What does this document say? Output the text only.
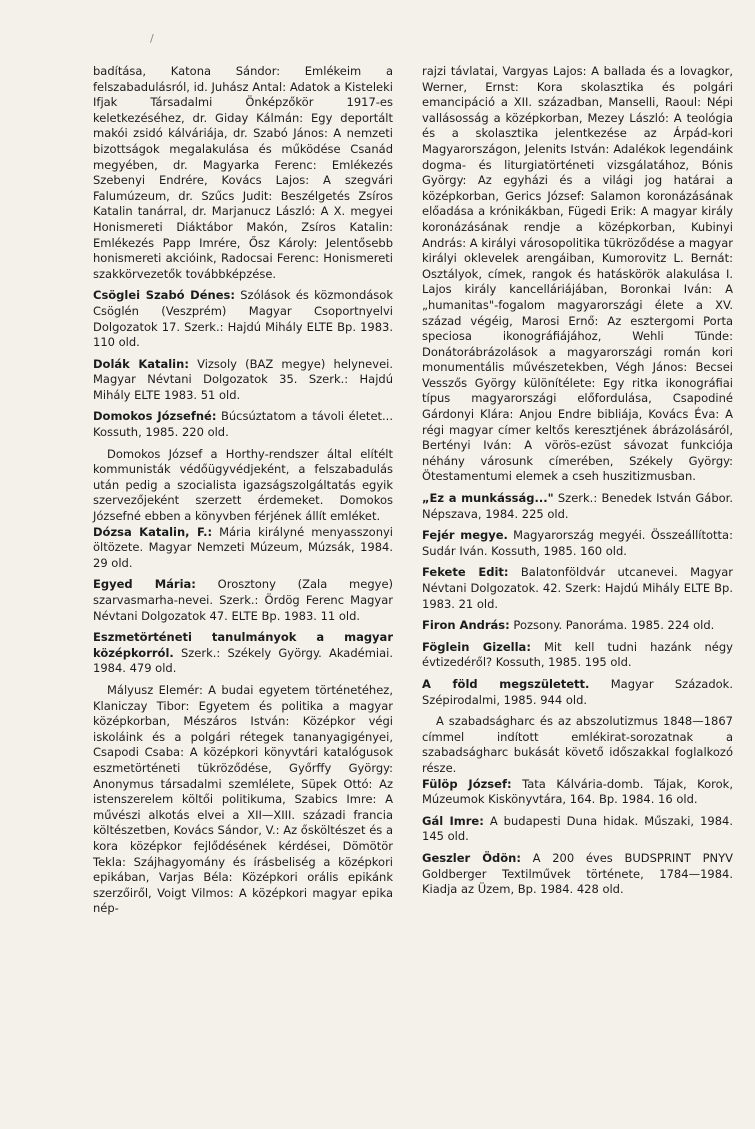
/

badítása, Katona Sándor: Emlékeim a felszabadulásról, id. Juhász Antal: Adatok a Kisteleki Ifjak Társadalmi Önképzőkör 1917-es keletkezéséhez, dr. Giday Kálmán: Egy deportált makói zsidó kálváriája, dr. Szabó János: A nemzeti bizottságok megalakulása és működése Csanád megyében, dr. Magyarka Ferenc: Emlékezés Szebenyi Endrére, Kovács Lajos: A szegvári Falumúzeum, dr. Szűcs Judit: Beszélgetés Zsíros Katalin tanárral, dr. Marjanucz László: A X. megyei Honismereti Diáktábor Makón, Zsíros Katalin: Emlékezés Papp Imrére, Ősz Károly: Jelentősebb honismereti akcióink, Radocsai Ferenc: Honismereti szakkörvezetők továbbképzése.

Csöglei Szabó Dénes: Szólások és közmondások Csöglén (Veszprém) Magyar Csoportnyelvi Dolgozatok 17. Szerk.: Hajdú Mihály ELTE Bp. 1983. 110 old.

Dolák Katalin: Vizsoly (BAZ megye) helynevei. Magyar Névtani Dolgozatok 35. Szerk.: Hajdú Mihály ELTE 1983. 51 old.

Domokos Józsefné: Búcsúztatom a távoli életet... Kossuth, 1985. 220 old.

Domokos József a Horthy-rendszer által elítélt kommunisták védőügyvédjeként, a felszabadulás után pedig a szocialista igazságszolgáltatás egyik szervezőjeként szerzett érdemeket. Domokos Józsefné ebben a könyvben férjének állít emléket.

Dózsa Katalin, F.: Mária királyné menyasszonyi öltözete. Magyar Nemzeti Múzeum, Múzsák, 1984. 29 old.

Egyed Mária: Orosztony (Zala megye) szarvasmarha-nevei. Szerk.: Ördög Ferenc Magyar Névtani Dolgozatok 47. ELTE Bp. 1983. 11 old.

Eszmetörténeti tanulmányok a magyar középkorról. Szerk.: Székely György. Akadémiai. 1984. 479 old.

Mályusz Elemér: A budai egyetem történetéhez, Klaniczay Tibor: Egyetem és politika a magyar középkorban, Mészáros István: Középkor végi iskoláink és a polgári rétegek tananyagigényei, Csapodi Csaba: A középkori könyvtári katalógusok eszmetörténeti tükröződése, Győrffy György: Anonymus társadalmi szemlélete, Süpek Ottó: Az istenszerelem költői politikuma, Szabics Imre: A művészi alkotás elvei a XII—XIII. századi francia költészetben, Kovács Sándor, V.: Az ősköltészet és a kora középkor fejlődésének kérdései, Dömötör Tekla: Szájhagyomány és írásbeliség a középkori epikában, Varjas Béla: Középkori orális epikánk szerzőiről, Voigt Vilmos: A középkori magyar epika nép-

rajzi távlatai, Vargyas Lajos: A ballada és a lovagkor, Werner, Ernst: Kora skolasztika és polgári emancipáció a XII. században, Manselli, Raoul: Népi vallásosság a középkorban, Mezey László: A teológia és a skolasztika jelentkezése az Árpád-kori Magyarországon, Jelenits István: Adalékok legendáink dogma- és liturgiatörténeti vizsgálatához, Bónis György: Az egyházi és a világi jog határai a középkorban, Gerics József: Salamon koronázásának előadása a krónikákban, Fügedi Erik: A magyar király koronázásának rendje a középkorban, Kubinyi András: A királyi városopolitika tükröződése a magyar királyi oklevelek arengáiban, Kumorovitz L. Bernát: Osztályok, címek, rangok és hatáskörök alakulása I. Lajos király kancelláriájában, Boronkai Iván: A „humanitas"-fogalom magyarországi élete a XV. század végéig, Marosi Ernő: Az esztergomi Porta speciosa ikonográfiájához, Wehli Tünde: Donátorábrázolások a magyarországi román kori monumentális művészetekben, Végh János: Becsei Vesszős György különítélete: Egy ritka ikonográfiai típus magyarországi előfordulása, Csapodiné Gárdonyi Klára: Anjou Endre bibliája, Kovács Éva: A régi magyar címer keltős keresztjének ábrázolásáról, Bertényi Iván: A vörös-ezüst sávozat funkciója néhány városunk címerében, Székely György: Ötestamentumi elemek a cseh huszitizmusban.

„Ez a munkásság..." Szerk.: Benedek István Gábor. Népszava, 1984. 225 old.

Fejér megye. Magyarország megyéi. Összeállította: Sudár Iván. Kossuth, 1985. 160 old.

Fekete Edit: Balatonföldvár utcanevei. Magyar Névtani Dolgozatok. 42. Szerk: Hajdú Mihály ELTE Bp. 1983. 21 old.

Firon András: Pozsony. Panoráma. 1985. 224 old.

Föglein Gizella: Mit kell tudni hazánk négy évtizedéről? Kossuth, 1985. 195 old.

A föld megszületett. Magyar Századok. Szépirodalmi, 1985. 944 old.

A szabadságharc és az abszolutizmus 1848—1867 címmel indított emlékirat-sorozatnak a szabadságharc bukását követő időszakkal foglalkozó része.

Fülöp József: Tata Kálvária-domb. Tájak, Korok, Múzeumok Kiskönyvtára, 164. Bp. 1984. 16 old.

Gál Imre: A budapesti Duna hidak. Műszaki, 1984. 145 old.

Geszler Ödön: A 200 éves BUDSPRINT PNYV Goldberger Textilművek története, 1784—1984. Kiadja az Üzem, Bp. 1984. 428 old.
